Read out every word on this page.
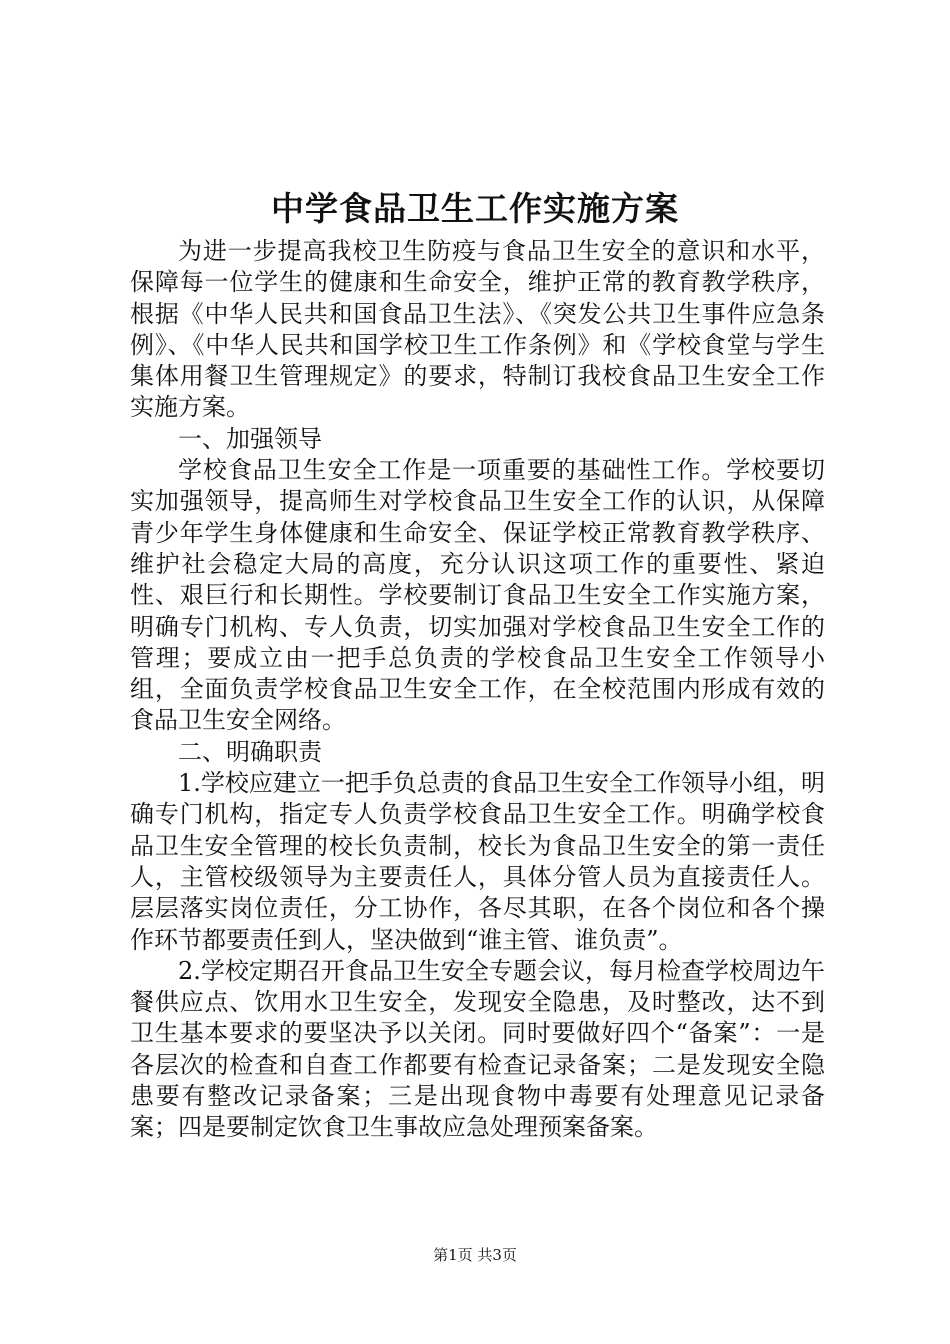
中学食品卫生工作实施方案

为进一步提高我校卫生防疫与食品卫生安全的意识和水平，保障每一位学生的健康和生命安全，维护正常的教育教学秩序，根据《中华人民共和国食品卫生法》、《突发公共卫生事件应急条例》、《中华人民共和国学校卫生工作条例》和《学校食堂与学生集体用餐卫生管理规定》的要求，特制订我校食品卫生安全工作实施方案。

一、加强领导

学校食品卫生安全工作是一项重要的基础性工作。学校要切实加强领导，提高师生对学校食品卫生安全工作的认识，从保障青少年学生身体健康和生命安全、保证学校正常教育教学秩序、维护社会稳定大局的高度，充分认识这项工作的重要性、紧迫性、艰巨行和长期性。学校要制订食品卫生安全工作实施方案，明确专门机构、专人负责，切实加强对学校食品卫生安全工作的管理；要成立由一把手总负责的学校食品卫生安全工作领导小组，全面负责学校食品卫生安全工作，在全校范围内形成有效的食品卫生安全网络。

二、明确职责

1.学校应建立一把手负总责的食品卫生安全工作领导小组，明确专门机构，指定专人负责学校食品卫生安全工作。明确学校食品卫生安全管理的校长负责制，校长为食品卫生安全的第一责任人，主管校级领导为主要责任人，具体分管人员为直接责任人。层层落实岗位责任，分工协作，各尽其职，在各个岗位和各个操作环节都要责任到人，坚决做到“谁主管、谁负责”。

2.学校定期召开食品卫生安全专题会议，每月检查学校周边午餐供应点、饮用水卫生安全，发现安全隐患，及时整改，达不到卫生基本要求的要坚决予以关闭。同时要做好四个“备案”：一是各层次的检查和自查工作都要有检查记录备案；二是发现安全隐患要有整改记录备案；三是出现食物中毒要有处理意见记录备案；四是要制定饮食卫生事故应急处理预案备案。

第1页 共3页
